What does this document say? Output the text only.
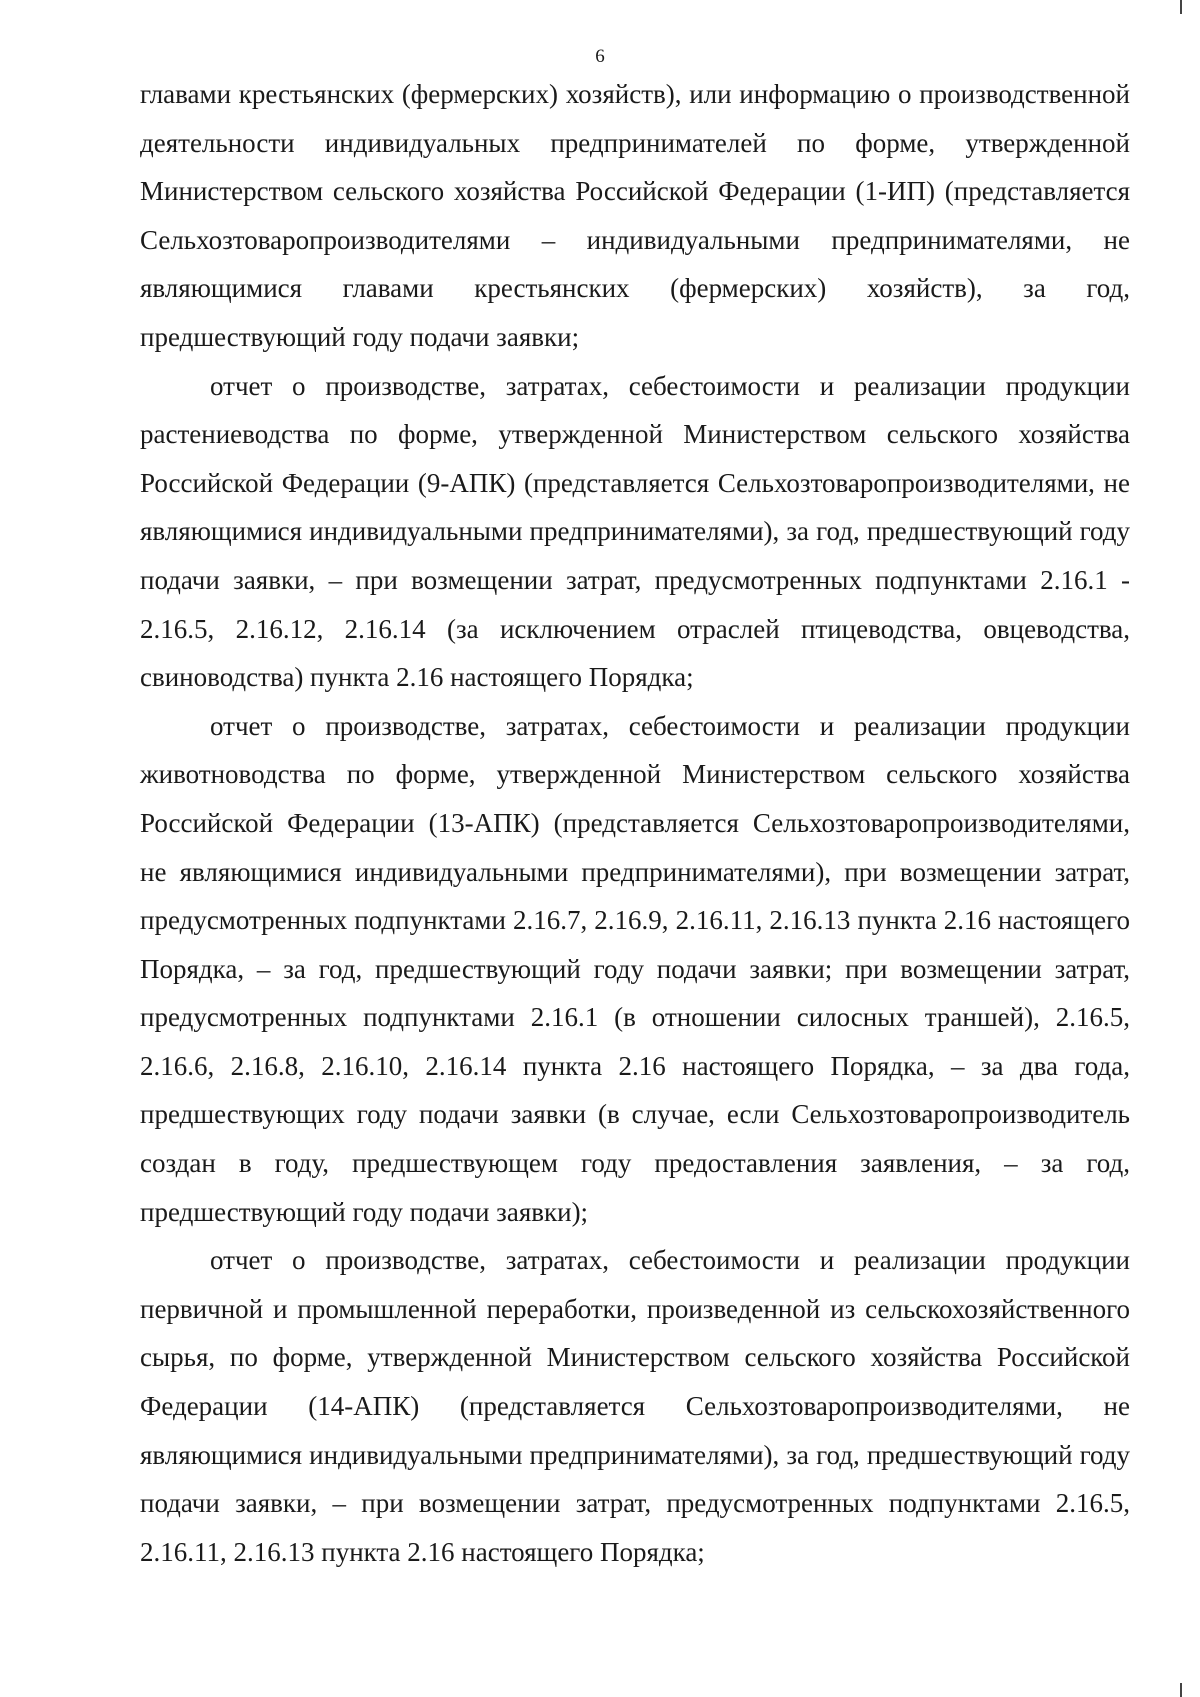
6

главами крестьянских (фермерских) хозяйств), или информацию о производственной деятельности индивидуальных предпринимателей по форме, утвержденной Министерством сельского хозяйства Российской Федерации (1-ИП) (представляется Сельхозтоваропроизводителями – индивидуальными предпринимателями, не являющимися главами крестьянских (фермерских) хозяйств), за год, предшествующий году подачи заявки;

отчет о производстве, затратах, себестоимости и реализации продукции растениеводства по форме, утвержденной Министерством сельского хозяйства Российской Федерации (9-АПК) (представляется Сельхозтоваропроизводителями, не являющимися индивидуальными предпринимателями), за год, предшествующий году подачи заявки, – при возмещении затрат, предусмотренных подпунктами 2.16.1 - 2.16.5, 2.16.12, 2.16.14 (за исключением отраслей птицеводства, овцеводства, свиноводства) пункта 2.16 настоящего Порядка;

отчет о производстве, затратах, себестоимости и реализации продукции животноводства по форме, утвержденной Министерством сельского хозяйства Российской Федерации (13-АПК) (представляется Сельхозтоваропроизводителями, не являющимися индивидуальными предпринимателями), при возмещении затрат, предусмотренных подпунктами 2.16.7, 2.16.9, 2.16.11, 2.16.13 пункта 2.16 настоящего Порядка, – за год, предшествующий году подачи заявки; при возмещении затрат, предусмотренных подпунктами 2.16.1 (в отношении силосных траншей), 2.16.5, 2.16.6, 2.16.8, 2.16.10, 2.16.14 пункта 2.16 настоящего Порядка, – за два года, предшествующих году подачи заявки (в случае, если Сельхозтоваропроизводитель создан в году, предшествующем году предоставления заявления, – за год, предшествующий году подачи заявки);

отчет о производстве, затратах, себестоимости и реализации продукции первичной и промышленной переработки, произведенной из сельскохозяйственного сырья, по форме, утвержденной Министерством сельского хозяйства Российской Федерации (14-АПК) (представляется Сельхозтоваропроизводителями, не являющимися индивидуальными предпринимателями), за год, предшествующий году подачи заявки, – при возмещении затрат, предусмотренных подпунктами 2.16.5, 2.16.11, 2.16.13 пункта 2.16 настоящего Порядка;
